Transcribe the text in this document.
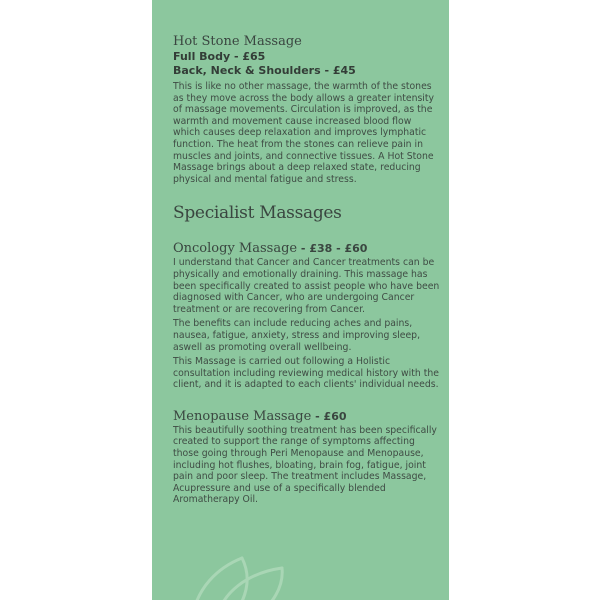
Hot Stone Massage

Full Body - £65

Back, Neck & Shoulders - £45

This is like no other massage, the warmth of the stones as they move across the body allows a greater intensity of massage movements. Circulation is improved, as the warmth and movement cause increased blood flow which causes deep relaxation and improves lymphatic function. The heat from the stones can relieve pain in muscles and joints, and connective tissues. A Hot Stone Massage brings about a deep relaxed state, reducing physical and mental fatigue and stress.

Specialist Massages
Oncology Massage - £38 - £60

I understand that Cancer and Cancer treatments can be physically and emotionally draining. This massage has been specifically created to assist people who have been diagnosed with Cancer, who are undergoing Cancer treatment or are recovering from Cancer.

The benefits can include reducing aches and pains, nausea, fatigue, anxiety, stress and improving sleep, aswell as promoting overall wellbeing.

This Massage is carried out following a Holistic consultation including reviewing medical history with the client, and it is adapted to each clients' individual needs.

Menopause Massage - £60

This beautifully soothing treatment has been specifically created to support the range of symptoms affecting those going through Peri Menopause and Menopause, including hot flushes, bloating, brain fog, fatigue, joint pain and poor sleep. The treatment includes Massage, Acupressure and use of a specifically blended Aromatherapy Oil.
